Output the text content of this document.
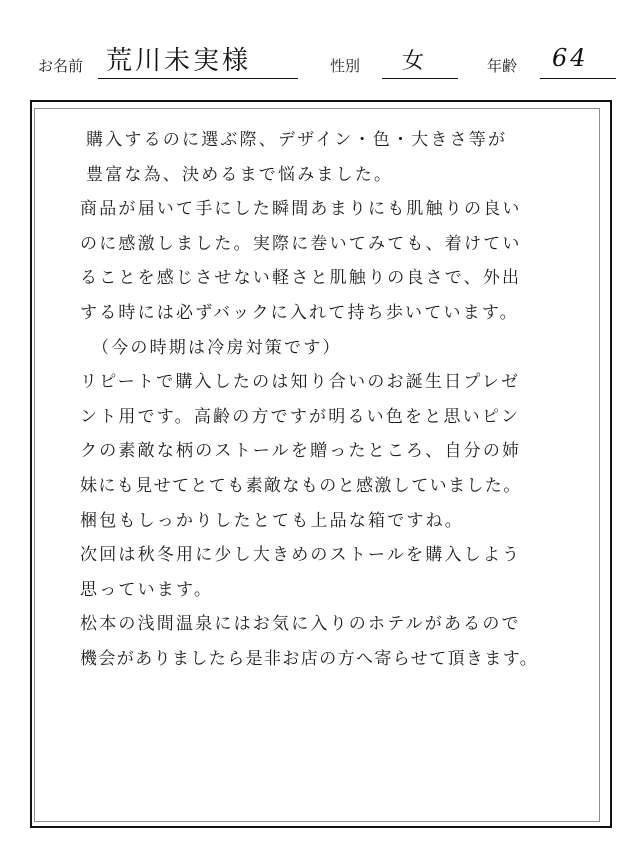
お名前 荒川未実様	性別 女	年齢 64
購入するのに選ぶ際、デザイン・色・大きさ等が
豊富な為、決めるまで悩みました。
商品が届いて手にした瞬間あまりにも肌触りの良い
のに感激しました。実際に巻いてみても、着けてい
ることを感じさせない軽さと肌触りの良さで、外出
する時には必ずバックに入れて持ち歩いています。
（今の時期は冷房対策です）
リピートで購入したのは知り合いのお誕生日プレゼ
ント用です。高齢の方ですが明るい色をと思いピン
クの素敵な柄のストールを贈ったところ、自分の姉
妹にも見せてとても素敵なものと感激していました。
梱包もしっかりしたとても上品な箱ですね。
次回は秋冬用に少し大きめのストールを購入しよう
思っています。
松本の浅間温泉にはお気に入りのホテルがあるので
機会がありましたら是非お店の方へ寄らせて頂きます。
